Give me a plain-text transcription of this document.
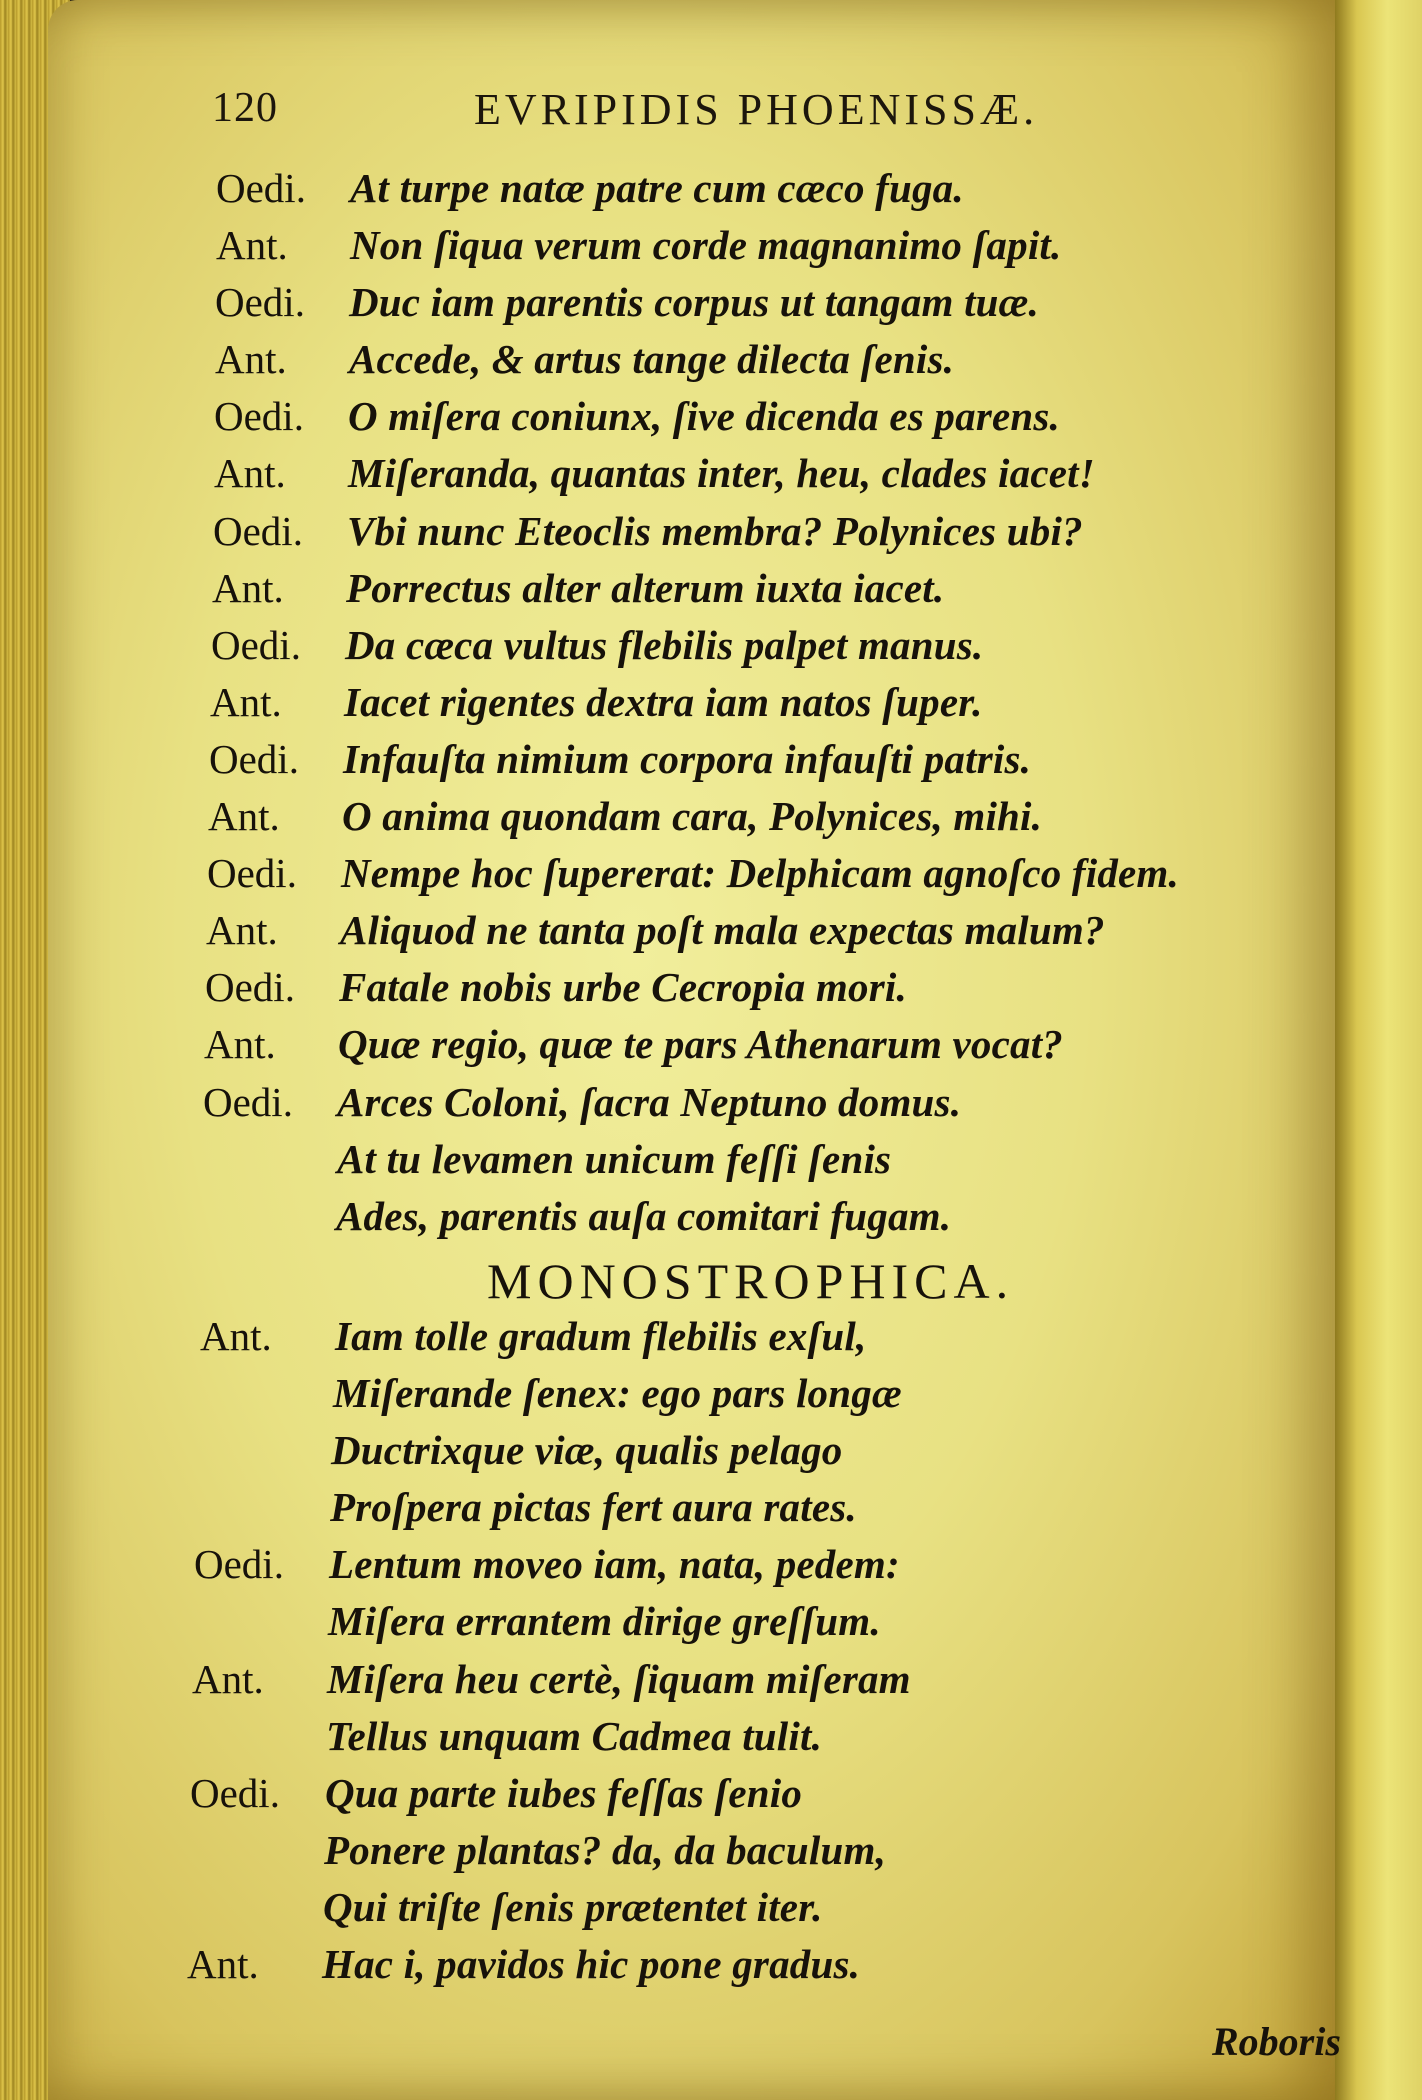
120	EVRIPIDIS PHOENISSÆ.
Oedi. At turpe natæ patre cum cæco fuga.
Ant. Non ſiqua verum corde magnanimo ſapit.
Oedi. Duc iam parentis corpus ut tangam tuæ.
Ant. Accede, & artus tange dilecta ſenis.
Oedi. O miſera coniunx, ſive dicenda es parens.
Ant. Miſeranda, quantas inter, heu, clades iacet!
Oedi. Vbi nunc Eteoclis membra? Polynices ubi?
Ant. Porrectus alter alterum iuxta iacet.
Oedi. Da cæca vultus flebilis palpet manus.
Ant. Iacet rigentes dextra iam natos ſuper.
Oedi. Infauſta nimium corpora infauſti patris.
Ant. O anima quondam cara, Polynices, mihi.
Oedi. Nempe hoc ſupererat: Delphicam agnoſco fidem.
Ant. Aliquod ne tanta poſt mala expectas malum?
Oedi. Fatale nobis urbe Cecropia mori.
Ant. Quæ regio, quæ te pars Athenarum vocat?
Oedi. Arces Coloni, ſacra Neptuno domus.
At tu levamen unicum feſſi ſenis
Ades, parentis auſa comitari fugam.
Ant. Iam tolle gradum flebilis exſul,
Miſerande ſenex: ego pars longæ
Ductrixque viæ, qualis pelago
Proſpera pictas fert aura rates.
Oedi. Lentum moveo iam, nata, pedem:
Miſera errantem dirige greſſum.
Ant. Miſera heu certè, ſiquam miſeram
Tellus unquam Cadmea tulit.
Oedi. Qua parte iubes feſſas ſenio
Ponere plantas? da, da baculum,
Qui triſte ſenis prætentet iter.
Ant. Hac i, pavidos hic pone gradus.
MONOSTROPHICA.
Roboris
